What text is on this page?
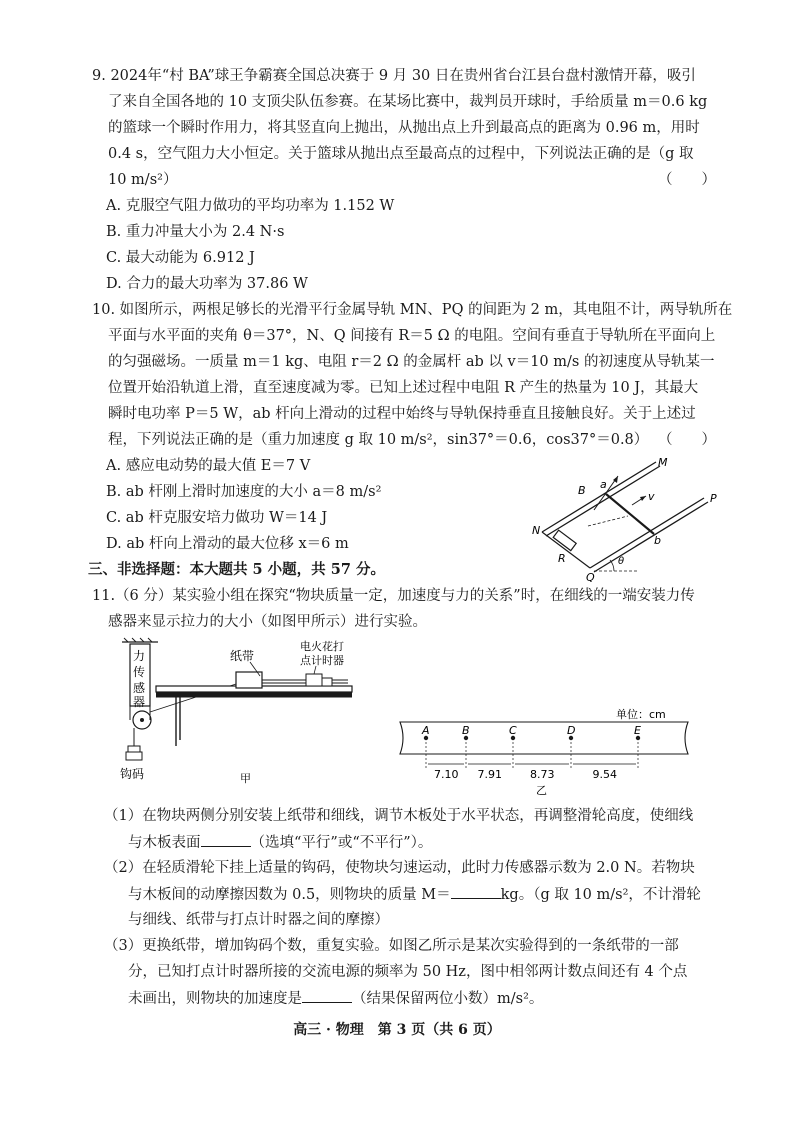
9. 2024年“村 BA”球王争霸赛全国总决赛于 9 月 30 日在贵州省台江县台盘村激情开幕，吸引
了来自全国各地的 10 支顶尖队伍参赛。在某场比赛中，裁判员开球时，手给质量 m＝0.6 kg
的篮球一个瞬时作用力，将其竖直向上抛出，从抛出点上升到最高点的距离为 0.96 m，用时
0.4 s，空气阻力大小恒定。关于篮球从抛出点至最高点的过程中，下列说法正确的是（g 取
10 m/s²）	（　　）
A. 克服空气阻力做功的平均功率为 1.152 W
B. 重力冲量大小为 2.4 N·s
C. 最大动能为 6.912 J
D. 合力的最大功率为 37.86 W
10. 如图所示，两根足够长的光滑平行金属导轨 MN、PQ 的间距为 2 m，其电阻不计，两导轨所在
平面与水平面的夹角 θ＝37°，N、Q 间接有 R＝5 Ω 的电阻。空间有垂直于导轨所在平面向上
的匀强磁场。一质量 m＝1 kg、电阻 r＝2 Ω 的金属杆 ab 以 v＝10 m/s 的初速度从导轨某一
位置开始沿轨道上滑，直至速度减为零。已知上述过程中电阻 R 产生的热量为 10 J，其最大
瞬时电功率 P＝5 W，ab 杆向上滑动的过程中始终与导轨保持垂直且接触良好。关于上述过
程，下列说法正确的是（重力加速度 g 取 10 m/s²，sin37°＝0.6，cos37°＝0.8） （　　）
A. 感应电动势的最大值 E＝7 V
B. ab 杆刚上滑时加速度的大小 a＝8 m/s²
C. ab 杆克服安培力做功 W＝14 J
D. ab 杆向上滑动的最大位移 x＝6 m
M
P
N
Q
B a
b
v
R	θ
三、非选择题：本大题共 5 小题，共 57 分。
11.（6 分）某实验小组在探究“物块质量一定，加速度与力的关系”时，在细线的一端安装力传
感器来显示拉力的大小（如图甲所示）进行实验。
力
传
感
器
钩码
纸带
电火花打
点计时器
甲
单位：cm
A	B	C	D	E
7.10 7.91	8.73	9.54
乙
（1）在物块两侧分别安装上纸带和细线，调节木板处于水平状态，再调整滑轮高度，使细线
与木板表面	（选填“平行”或“不平行”）。
（2）在轻质滑轮下挂上适量的钩码，使物块匀速运动，此时力传感器示数为 2.0 N。若物块
与木板间的动摩擦因数为 0.5，则物块的质量 M＝	kg。（g 取 10 m/s²，不计滑轮
与细线、纸带与打点计时器之间的摩擦）
（3）更换纸带，增加钩码个数，重复实验。如图乙所示是某次实验得到的一条纸带的一部
分，已知打点计时器所接的交流电源的频率为 50 Hz，图中相邻两计数点间还有 4 个点
未画出，则物块的加速度是	（结果保留两位小数）m/s²。
高三 · 物理　第 3 页（共 6 页）
